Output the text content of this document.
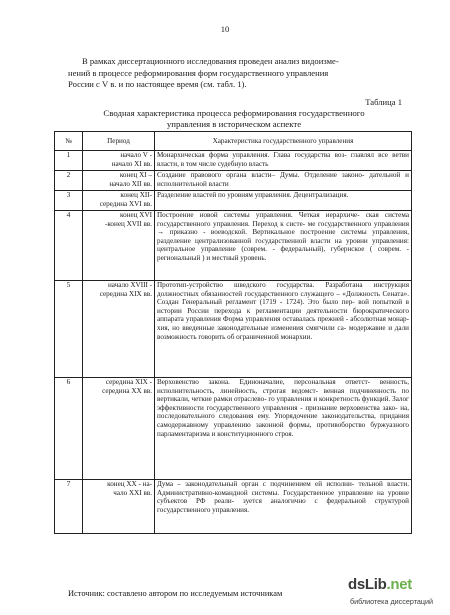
10
В рамках диссертационного исследования проведен анализ видоизме-
нений в процессе реформирования форм государственного управления
России с V в. и по настоящее время (см. табл. 1).
Таблица 1
Сводная характеристика процесса реформирования государственного
управления в историческом аспекте
№	Период	Характеристика государственного управления
1	начало V -
начало XI вв.	Монархическая форма управления. Глава государства воз- главлял все ветви власти, в том числе судебную власть
2	конец XI –
начало XII вв.	Создание правового органа власти– Думы. Отделение законо- дательной и исполнительной власти
3	конец XII-
середина XVI вв.	Разделение властей по уровням управления. Децентрализация.
4	конец XVI
-конец XVII вв.	Построение новой системы управления. Четкая иерархиче- ская система государственного управления. Переход к систе- ме государственного управления → приказно - воеводской. Вертикальное построение системы управления, разделение централизованной государственной власти на уровни управления: центральное управление (соврем. - федеральный), губернское ( соврем. - региональный ) и местный уровень.
5	начало XVIII -
середина XIX вв.	Прототип-устройство шведского государства. Разработана инструкция должностных обязанностей государственного служащего – «Должность Сената». Создан Генеральный регламент (1719 - 1724). Это было пер- вой попыткой в истории России перехода к регламентации деятельности бюрократического аппарата управления Форма управления оставалась прежней - абсолютная монар- хия, но введенные законодательные изменения смягчили са- модержавие и дали возможность говорить об ограниченной монархии.
6	середина XIX -
середина XX вв.	Верховенство закона. Единоначалие, персональная ответст- венность, исполнительность, линейность, строгая ведомст- венная подчиненность по вертикали, четкие рамки отраслево- го управления и конкретность функций. Залог эффективности государственного управления - признание верховенства зако- на, последовательного следования ему. Упорядочение законодательства, придания самодержавному управлению законной формы, противоборство буржуазного парламентаризма и конституционного строя.
7	конец XX - на-
чало XXI вв.	Дума – законодательный орган с подчинением ей исполни- тельной власти. Административно-командной системы. Государственное управление на уровне субъектов РФ реали- зуется аналогично с федеральной структурой государственного управления.
Источник: составлено автором по исследуемым источникам
dsLib.net
библиотека диссертаций
